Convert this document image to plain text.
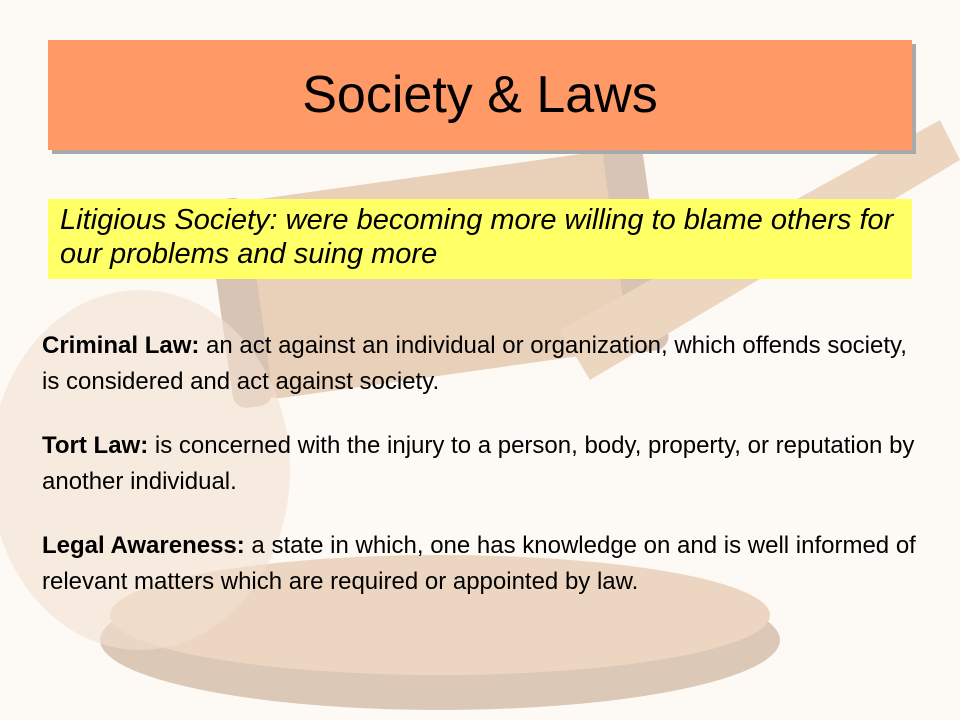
Society & Laws

Litigious Society: were becoming more willing to blame others for our problems and suing more

Criminal Law: an act against an individual or organization, which offends society, is considered and act against society.

Tort Law: is concerned with the injury to a person, body, property, or reputation by another individual.

Legal Awareness: a state in which, one has knowledge on and is well informed of relevant matters which are required or appointed by law.
